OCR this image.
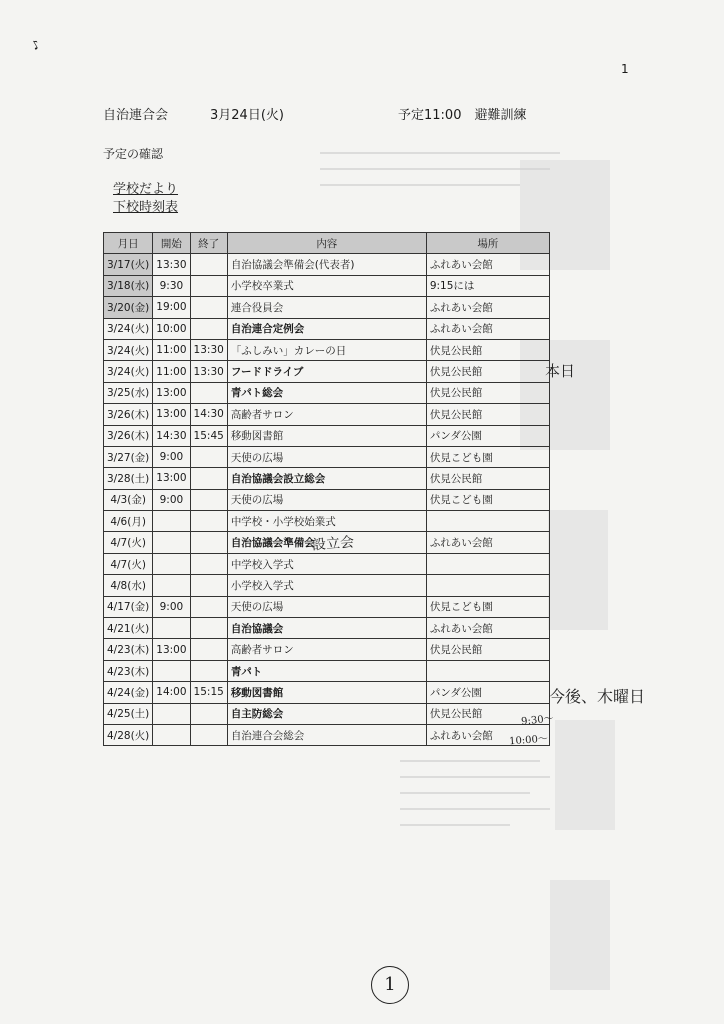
♪
1
自治連合会	3月24日(火)	予定11:00　避難訓練
予定の確認
学校だより
下校時刻表
月日	開始	終了	内容	場所
3/17(火)	13:30		自治協議会準備会(代表者)	ふれあい会館
3/18(水)	9:30		小学校卒業式	9:15には
3/20(金)	19:00		連合役員会	ふれあい会館
3/24(火)	10:00		自治連合定例会	ふれあい会館
3/24(火)	11:00	13:30	「ふしみい」カレーの日	伏見公民館
3/24(火)	11:00	13:30	フードドライブ	伏見公民館
3/25(水)	13:00		青パト総会	伏見公民館
3/26(木)	13:00	14:30	高齢者サロン	伏見公民館
3/26(木)	14:30	15:45	移動図書館	パンダ公園
3/27(金)	9:00		天使の広場	伏見こども園
3/28(土)	13:00		自治協議会設立総会	伏見公民館
4/3(金)	9:00		天使の広場	伏見こども園
4/6(月)			中学校・小学校始業式	
4/7(火)			自治協議会準備会	ふれあい会館
4/7(火)			中学校入学式	
4/8(水)			小学校入学式	
4/17(金)	9:00		天使の広場	伏見こども園
4/21(火)			自治協議会	ふれあい会館
4/23(木)	13:00		高齢者サロン	伏見公民館
4/23(木)			青パト	
4/24(金)	14:00	15:15	移動図書館	パンダ公園
4/25(土)			自主防総会	伏見公民館
4/28(火)			自治連合会総会	ふれあい会館
設立会
本日
今後、木曜日
9:30〜
10:00〜
1
